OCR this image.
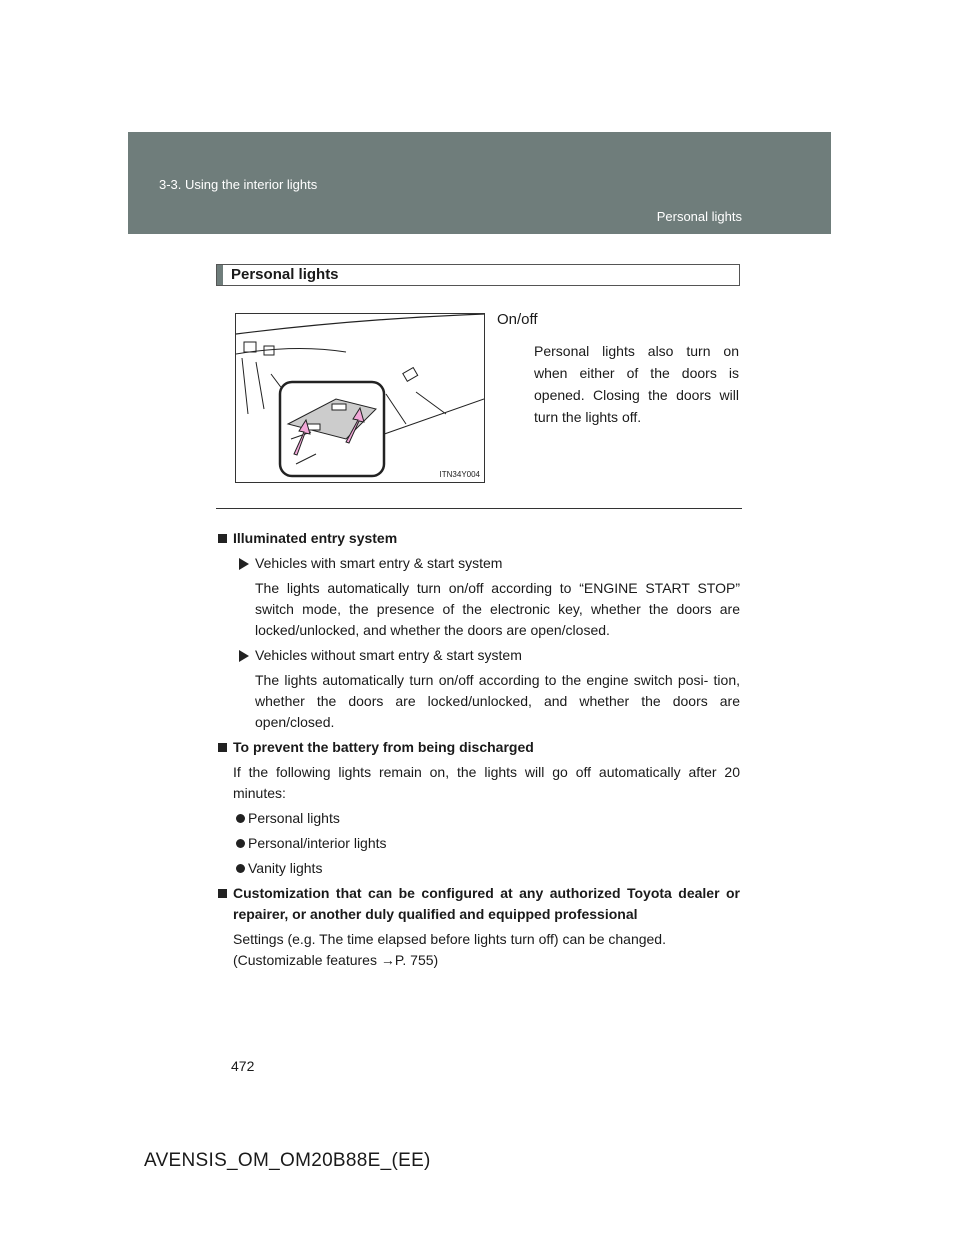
3-3. Using the interior lights
Personal lights
Personal lights
ITN34Y004
On/off
Personal lights also turn on when either of the doors is opened. Closing the doors will turn the lights off.
Illuminated entry system
Vehicles with smart entry & start system
The lights automatically turn on/off according to “ENGINE START STOP” switch mode, the presence of the electronic key, whether the doors are locked/unlocked, and whether the doors are open/closed.
Vehicles without smart entry & start system
The lights automatically turn on/off according to the engine switch posi- tion, whether the doors are locked/unlocked, and whether the doors are open/closed.
To prevent the battery from being discharged
If the following lights remain on, the lights will go off automatically after 20 minutes:
Personal lights
Personal/interior lights
Vanity lights
Customization that can be configured at any authorized Toyota dealer or repairer, or another duly qualified and equipped professional
Settings (e.g. The time elapsed before lights turn off) can be changed.
(Customizable features →P. 755)
472
AVENSIS_OM_OM20B88E_(EE)
